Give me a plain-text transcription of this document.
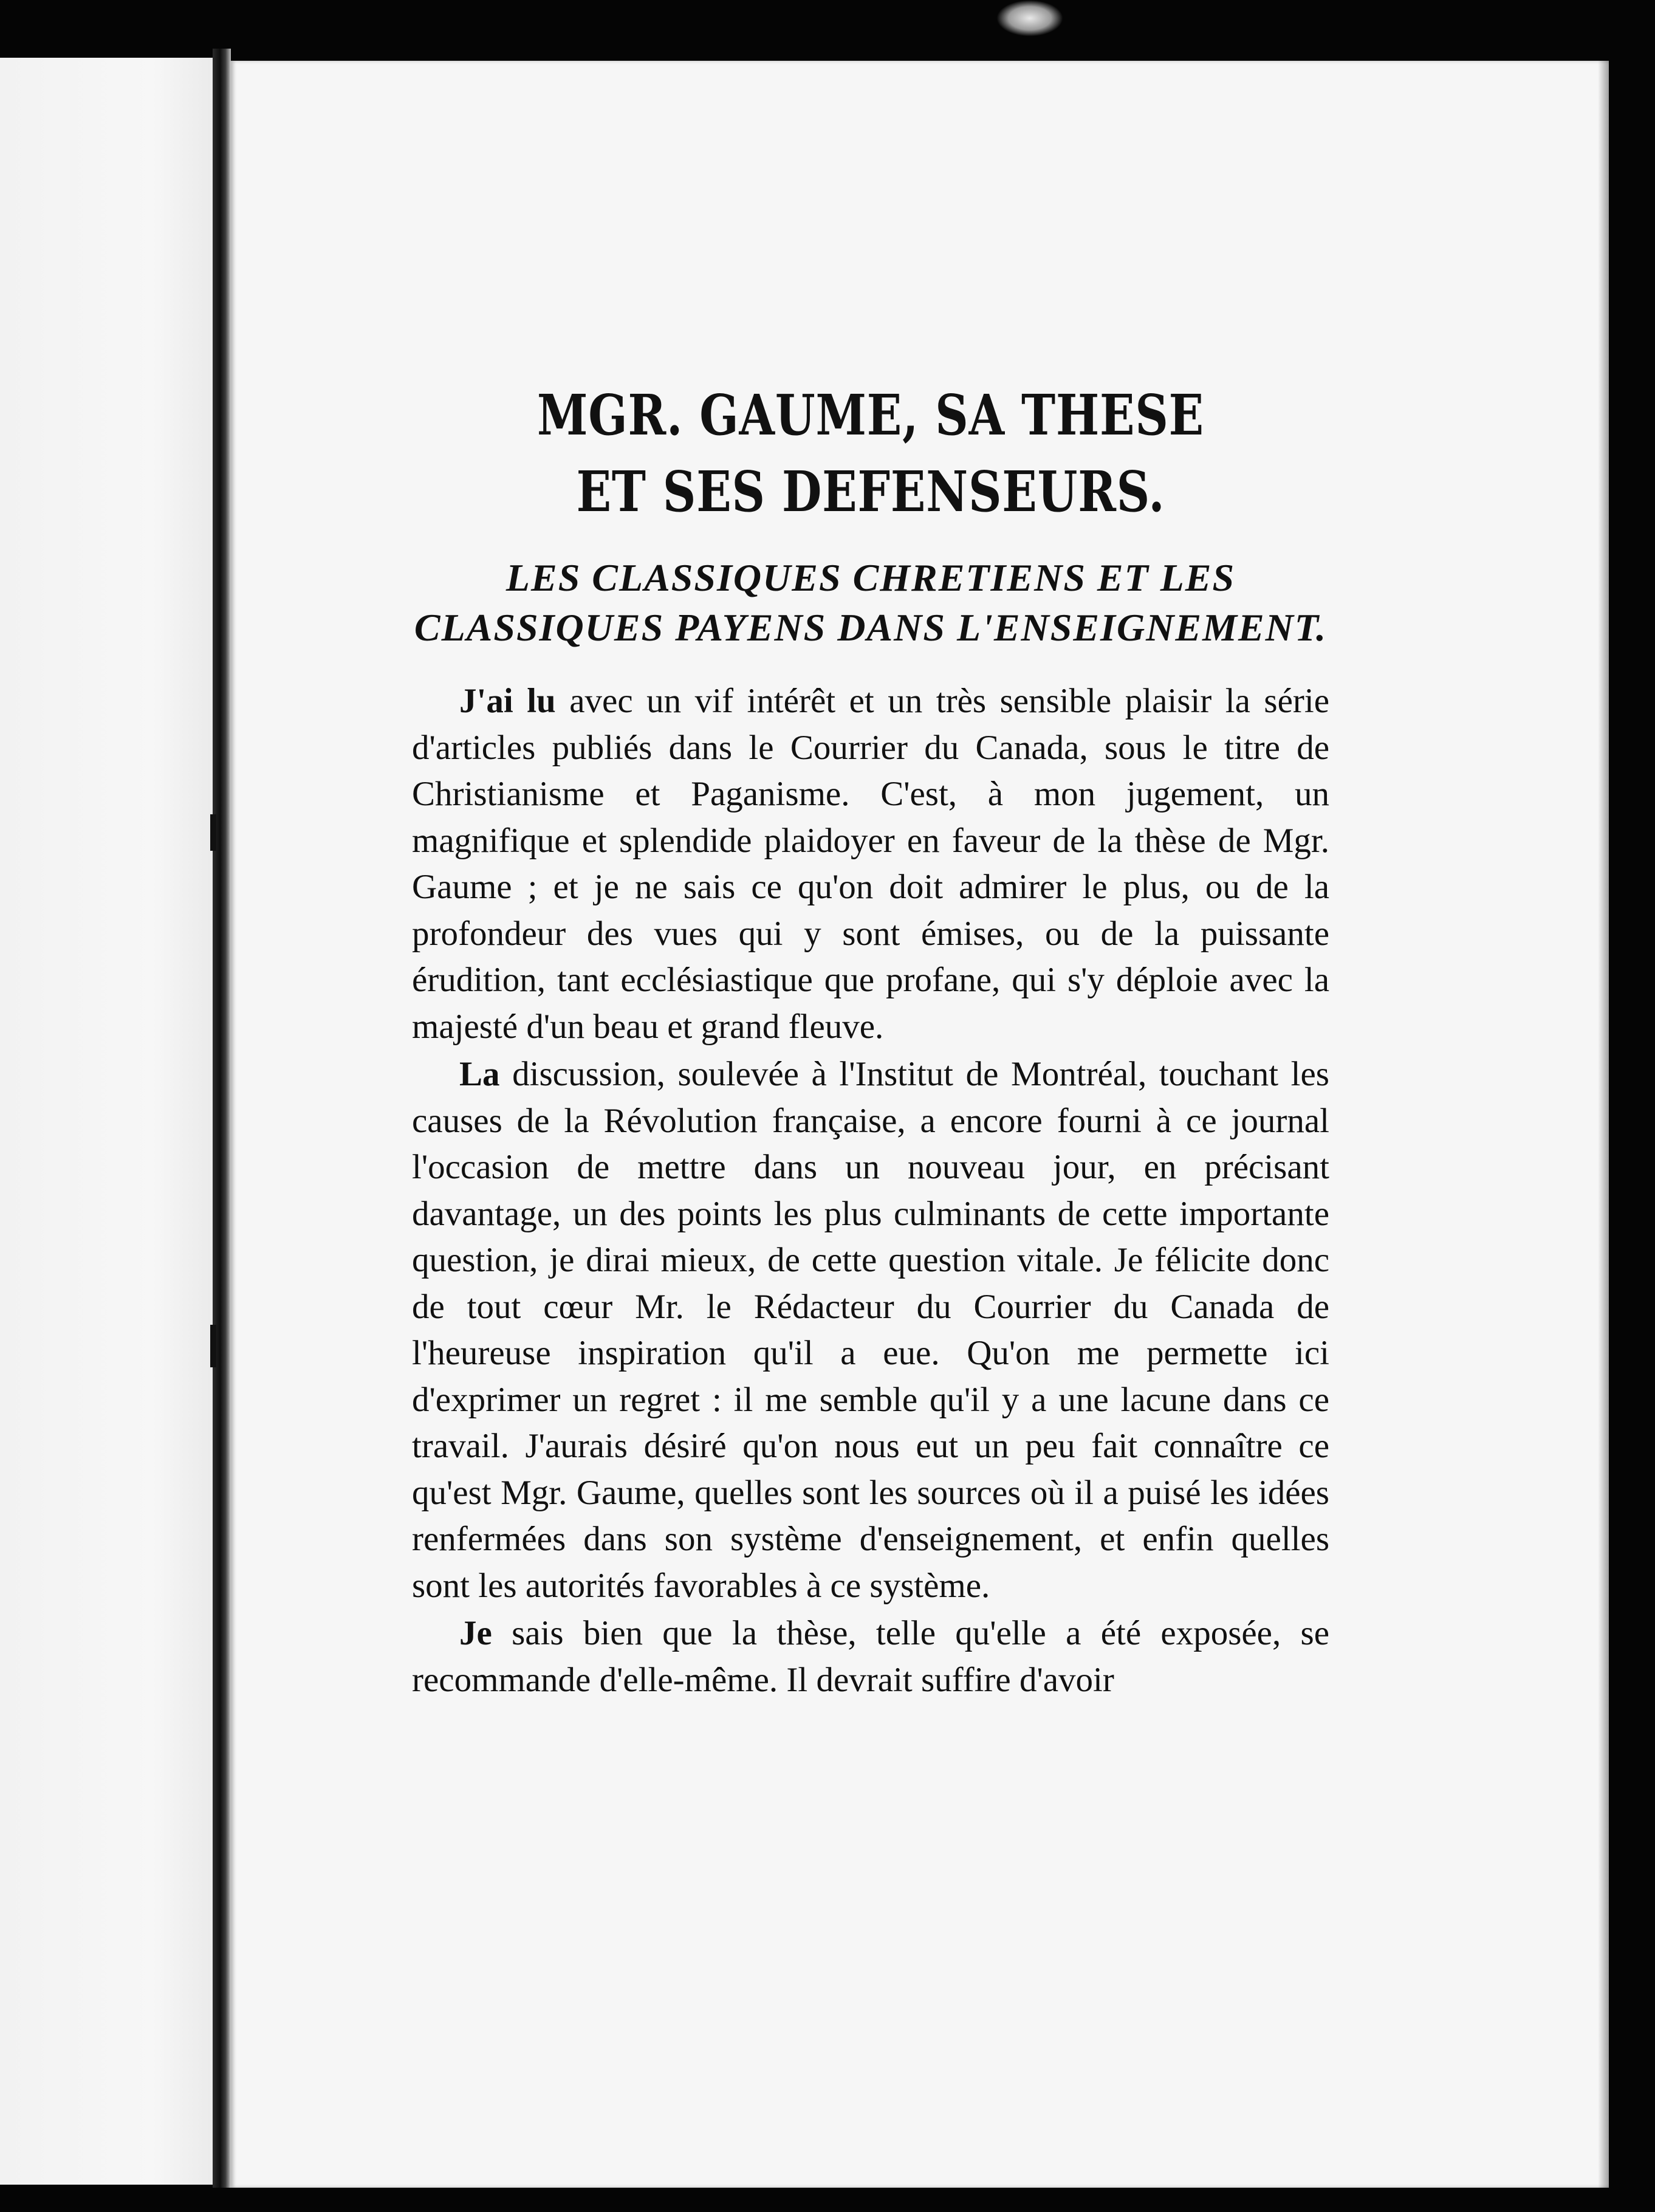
MGR. GAUME, SA THESE ET SES DEFENSEURS.
LES CLASSIQUES CHRETIENS ET LES CLASSIQUES PAYENS DANS L'ENSEIGNEMENT.

J'ai lu avec un vif intérêt et un très sensible plaisir la série d'articles publiés dans le Courrier du Canada, sous le titre de Christianisme et Paganisme. C'est, à mon jugement, un magnifique et splendide plaidoyer en faveur de la thèse de Mgr. Gaume ; et je ne sais ce qu'on doit admirer le plus, ou de la profondeur des vues qui y sont émises, ou de la puissante érudition, tant ecclésiastique que profane, qui s'y déploie avec la majesté d'un beau et grand fleuve.

La discussion, soulevée à l'Institut de Montréal, touchant les causes de la Révolution française, a encore fourni à ce journal l'occasion de mettre dans un nouveau jour, en précisant davantage, un des points les plus culminants de cette importante question, je dirai mieux, de cette question vitale. Je félicite donc de tout cœur Mr. le Rédacteur du Courrier du Canada de l'heureuse inspiration qu'il a eue. Qu'on me permette ici d'exprimer un regret : il me semble qu'il y a une lacune dans ce travail. J'aurais désiré qu'on nous eut un peu fait connaître ce qu'est Mgr. Gaume, quelles sont les sources où il a puisé les idées renfermées dans son système d'enseignement, et enfin quelles sont les autorités favorables à ce système.

Je sais bien que la thèse, telle qu'elle a été exposée, se recommande d'elle-même. Il devrait suffire d'avoir
